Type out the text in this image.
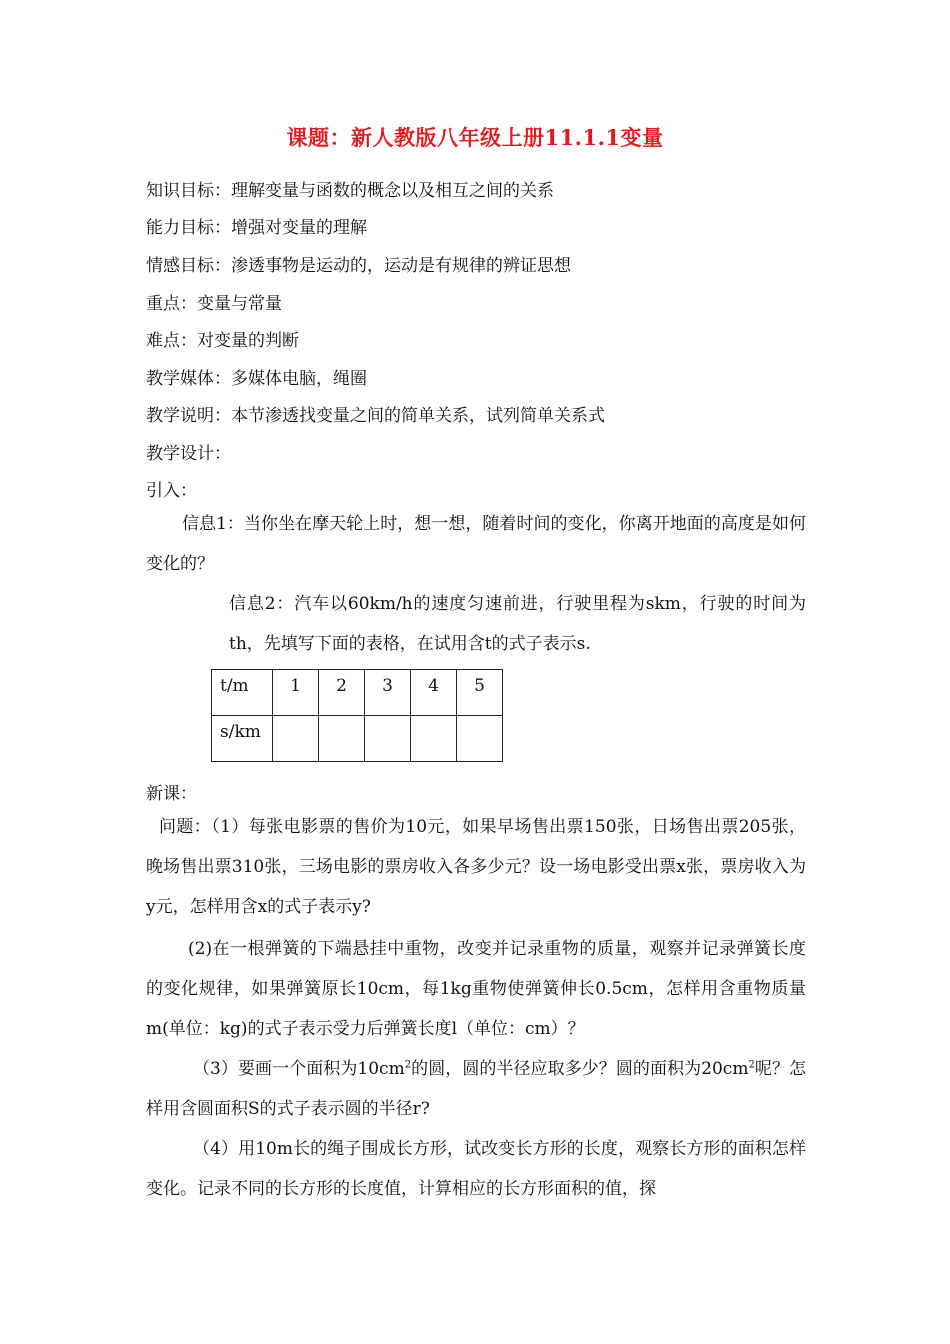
课题：新人教版八年级上册11.1.1变量
知识目标：理解变量与函数的概念以及相互之间的关系
能力目标：增强对变量的理解
情感目标：渗透事物是运动的，运动是有规律的辨证思想
重点：变量与常量
难点：对变量的判断
教学媒体：多媒体电脑，绳圈
教学说明：本节渗透找变量之间的简单关系，试列简单关系式
教学设计：
引入：
信息1：当你坐在摩天轮上时，想一想，随着时间的变化，你离开地面的高度是如何变化的？
信息2：汽车以60km/h的速度匀速前进，行驶里程为skm，行驶的时间为th，先填写下面的表格，在试用含t的式子表示s.
t/m	1	2	3	4	5
s/km					
新课：
问题：（1）每张电影票的售价为10元，如果早场售出票150张，日场售出票205张，晚场售出票310张，三场电影的票房收入各多少元？设一场电影受出票x张，票房收入为y元，怎样用含x的式子表示y?
(2)在一根弹簧的下端悬挂中重物，改变并记录重物的质量，观察并记录弹簧长度的变化规律，如果弹簧原长10cm，每1kg重物使弹簧伸长0.5cm，怎样用含重物质量m(单位：kg)的式子表示受力后弹簧长度l（单位：cm）？
（3）要画一个面积为$10cm^2$的圆，圆的半径应取多少？圆的面积为$20cm^2$呢？怎样用含圆面积S的式子表示圆的半径r?
（4）用10m长的绳子围成长方形，试改变长方形的长度，观察长方形的面积怎样变化。记录不同的长方形的长度值，计算相应的长方形面积的值，探
